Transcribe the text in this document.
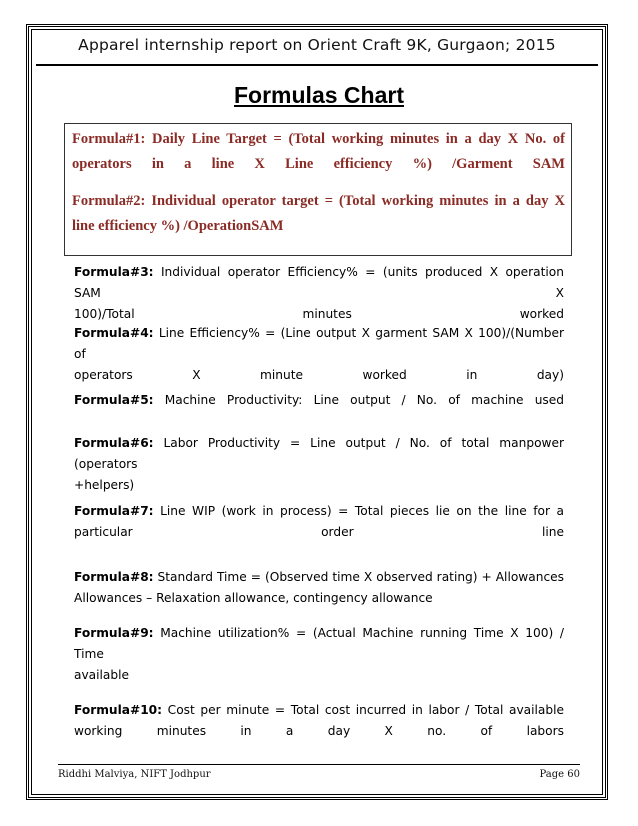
Apparel internship report on Orient Craft 9K, Gurgaon; 2015
Formulas Chart

Formula#1: Daily Line Target = (Total working minutes in a day X No. of

operators in a line X Line efficiency %) /Garment SAM

Formula#2: Individual operator target = (Total working minutes in a day X

line efficiency %) /OperationSAM

Formula#3: Individual operator Efficiency% = (units produced X operation SAM X

100)/Total minutes worked

Formula#4: Line Efficiency% = (Line output X garment SAM X 100)/(Number of

operators X minute worked in day)

Formula#5: Machine Productivity: Line output / No. of machine used

Formula#6: Labor Productivity = Line output / No. of total manpower (operators

+helpers)

Formula#7: Line WIP (work in process) = Total pieces lie on the line for a

particular order line

Formula#8: Standard Time = (Observed time X observed rating) + Allowances

Allowances – Relaxation allowance, contingency allowance

Formula#9: Machine utilization% = (Actual Machine running Time X 100) / Time

available

Formula#10: Cost per minute = Total cost incurred in labor / Total available

working minutes in a day X no. of labors

Riddhi Malviya, NIFT Jodhpur	Page 60
